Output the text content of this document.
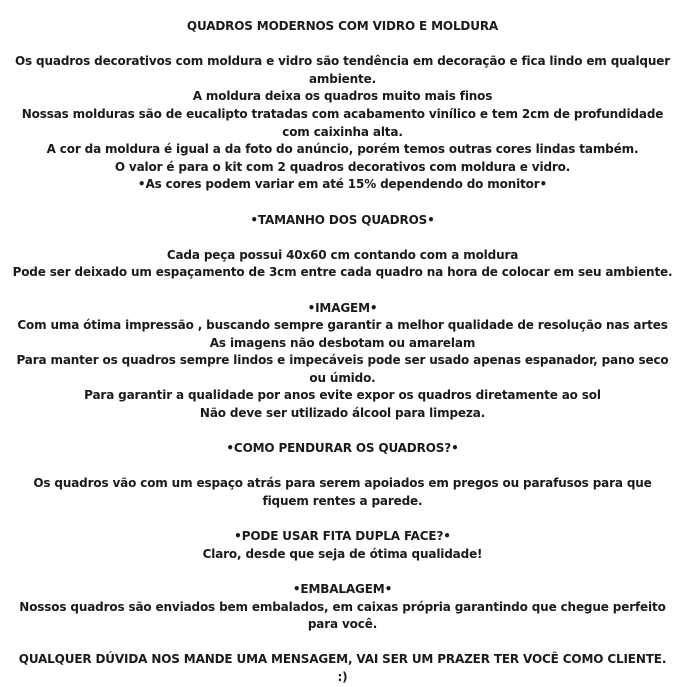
QUADROS MODERNOS COM VIDRO E MOLDURA
Os quadros decorativos com moldura e vidro são tendência em decoração e fica lindo em qualquer ambiente.
A moldura deixa os quadros muito mais finos
Nossas molduras são de eucalipto tratadas com acabamento vinílico e tem 2cm de profundidade com caixinha alta.
A cor da moldura é igual a da foto do anúncio, porém temos outras cores lindas também.
O valor é para o kit com 2 quadros decorativos com moldura e vidro.
•As cores podem variar em até 15% dependendo do monitor•
•TAMANHO DOS QUADROS•
Cada peça possui 40x60 cm contando com a moldura
Pode ser deixado um espaçamento de 3cm entre cada quadro na hora de colocar em seu ambiente.
•IMAGEM•
Com uma ótima impressão , buscando sempre garantir a melhor qualidade de resolução nas artes
As imagens não desbotam ou amarelam
Para manter os quadros sempre lindos e impecáveis pode ser usado apenas espanador, pano seco ou úmido.
Para garantir a qualidade por anos evite expor os quadros diretamente ao sol
Não deve ser utilizado álcool para limpeza.
•COMO PENDURAR OS QUADROS?•
Os quadros vão com um espaço atrás para serem apoiados em pregos ou parafusos para que fiquem rentes a parede.
•PODE USAR FITA DUPLA FACE?•
Claro, desde que seja de ótima qualidade!
•EMBALAGEM•
Nossos quadros são enviados bem embalados, em caixas própria garantindo que chegue perfeito para você.
QUALQUER DÚVIDA NOS MANDE UMA MENSAGEM, VAI SER UM PRAZER TER VOCÊ COMO CLIENTE. :)
